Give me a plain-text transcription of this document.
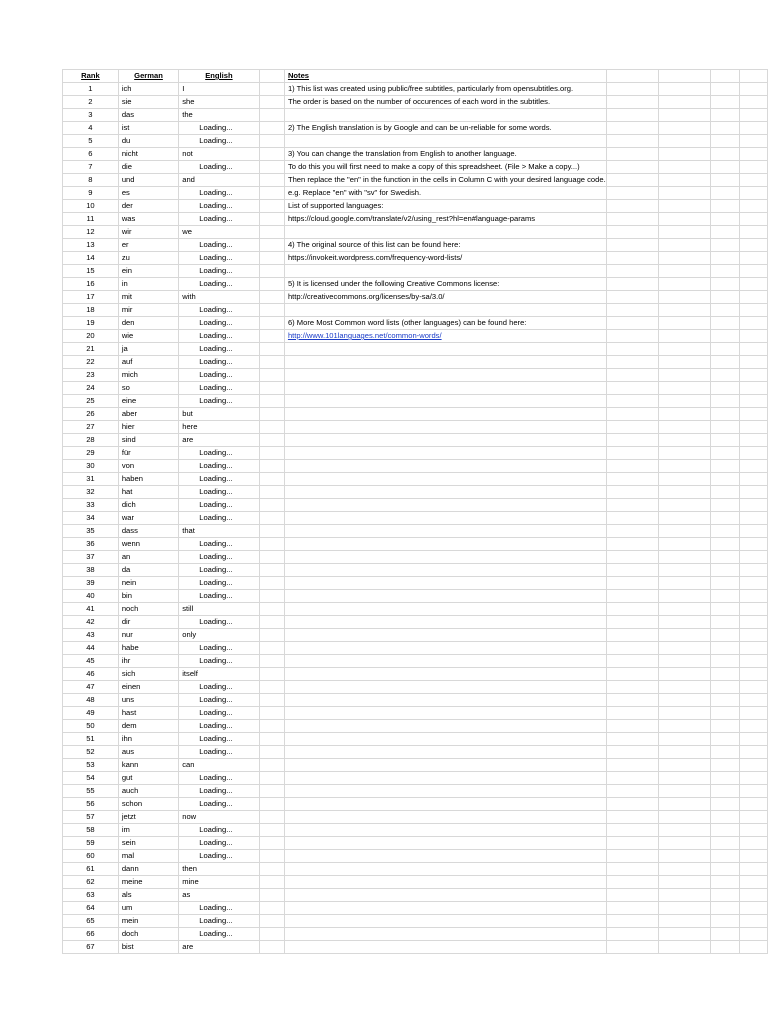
Rank	German	English		Notes				
1	ich	I		1) This list was created using public/free subtitles, particularly from opensubtitles.org.				
2	sie	she		The order is based on the number of occurences of each word in the subtitles.				
3	das	the						
4	ist	Loading...		2) The English translation is by Google and can be un-reliable for some words.				
5	du	Loading...						
6	nicht	not		3) You can change the translation from English to another language.				
7	die	Loading...		To do this you will first need to make a copy of this spreadsheet. (File > Make a copy...)				
8	und	and		Then replace the "en" in the function in the cells in Column C with your desired language code.				
9	es	Loading...		e.g. Replace "en" with "sv" for Swedish.				
10	der	Loading...		List of supported languages:				
11	was	Loading...		https://cloud.google.com/translate/v2/using_rest?hl=en#language-params				
12	wir	we						
13	er	Loading...		4) The original source of this list can be found here:				
14	zu	Loading...		https://invokeit.wordpress.com/frequency-word-lists/				
15	ein	Loading...						
16	in	Loading...		5) It is licensed under the following Creative Commons license:				
17	mit	with		http://creativecommons.org/licenses/by-sa/3.0/				
18	mir	Loading...						
19	den	Loading...		6) More Most Common word lists (other languages) can be found here:				
20	wie	Loading...		http://www.101languages.net/common-words/				
21	ja	Loading...						
22	auf	Loading...						
23	mich	Loading...						
24	so	Loading...						
25	eine	Loading...						
26	aber	but						
27	hier	here						
28	sind	are						
29	für	Loading...						
30	von	Loading...						
31	haben	Loading...						
32	hat	Loading...						
33	dich	Loading...						
34	war	Loading...						
35	dass	that						
36	wenn	Loading...						
37	an	Loading...						
38	da	Loading...						
39	nein	Loading...						
40	bin	Loading...						
41	noch	still						
42	dir	Loading...						
43	nur	only						
44	habe	Loading...						
45	ihr	Loading...						
46	sich	itself						
47	einen	Loading...						
48	uns	Loading...						
49	hast	Loading...						
50	dem	Loading...						
51	ihn	Loading...						
52	aus	Loading...						
53	kann	can						
54	gut	Loading...						
55	auch	Loading...						
56	schon	Loading...						
57	jetzt	now						
58	im	Loading...						
59	sein	Loading...						
60	mal	Loading...						
61	dann	then						
62	meine	mine						
63	als	as						
64	um	Loading...						
65	mein	Loading...						
66	doch	Loading...						
67	bist	are						
